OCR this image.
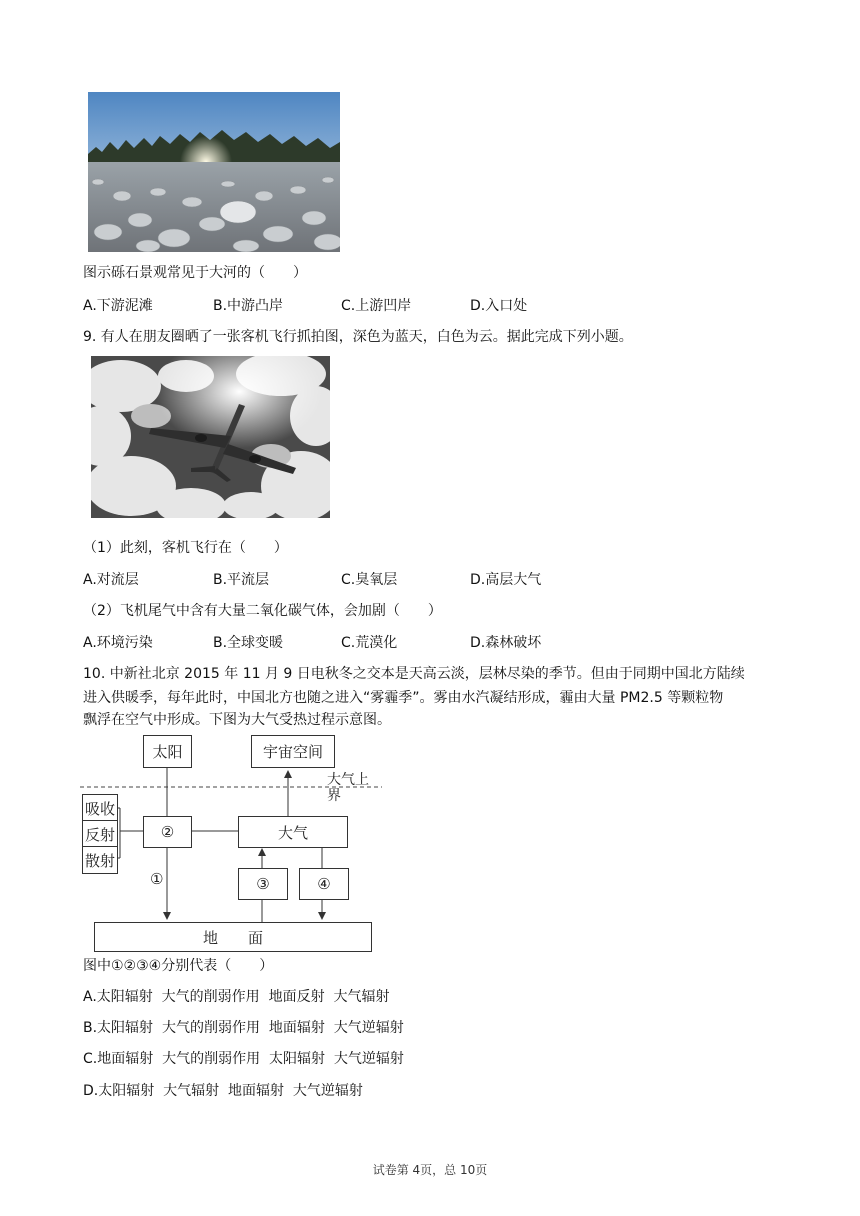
图示砾石景观常见于大河的（　　）
A.下游泥滩	B.中游凸岸	C.上游凹岸	D.入口处
9. 有人在朋友圈晒了一张客机飞行抓拍图，深色为蓝天，白色为云。据此完成下列小题。
（1）此刻，客机飞行在（　　）
A.对流层	B.平流层	C.臭氧层	D.高层大气
（2）飞机尾气中含有大量二氧化碳气体，会加剧（　　）
A.环境污染	B.全球变暖	C.荒漠化	D.森林破坏
10. 中新社北京 2015 年 11 月 9 日电秋冬之交本是天高云淡，层林尽染的季节。但由于同期中国北方陆续
进入供暖季，每年此时，中国北方也随之进入“雾霾季”。雾由水汽凝结形成，霾由大量 PM2.5 等颗粒物
飘浮在空气中形成。下图为大气受热过程示意图。
太阳	宇宙空间
大气上界
吸收
反射
散射
②	大气
①	③	④
地　　面
图中①②③④分别代表（　　）
A.太阳辐射  大气的削弱作用  地面反射  大气辐射
B.太阳辐射  大气的削弱作用  地面辐射  大气逆辐射
C.地面辐射  大气的削弱作用  太阳辐射  大气逆辐射
D.太阳辐射  大气辐射  地面辐射  大气逆辐射
试卷第 4页，总 10页
